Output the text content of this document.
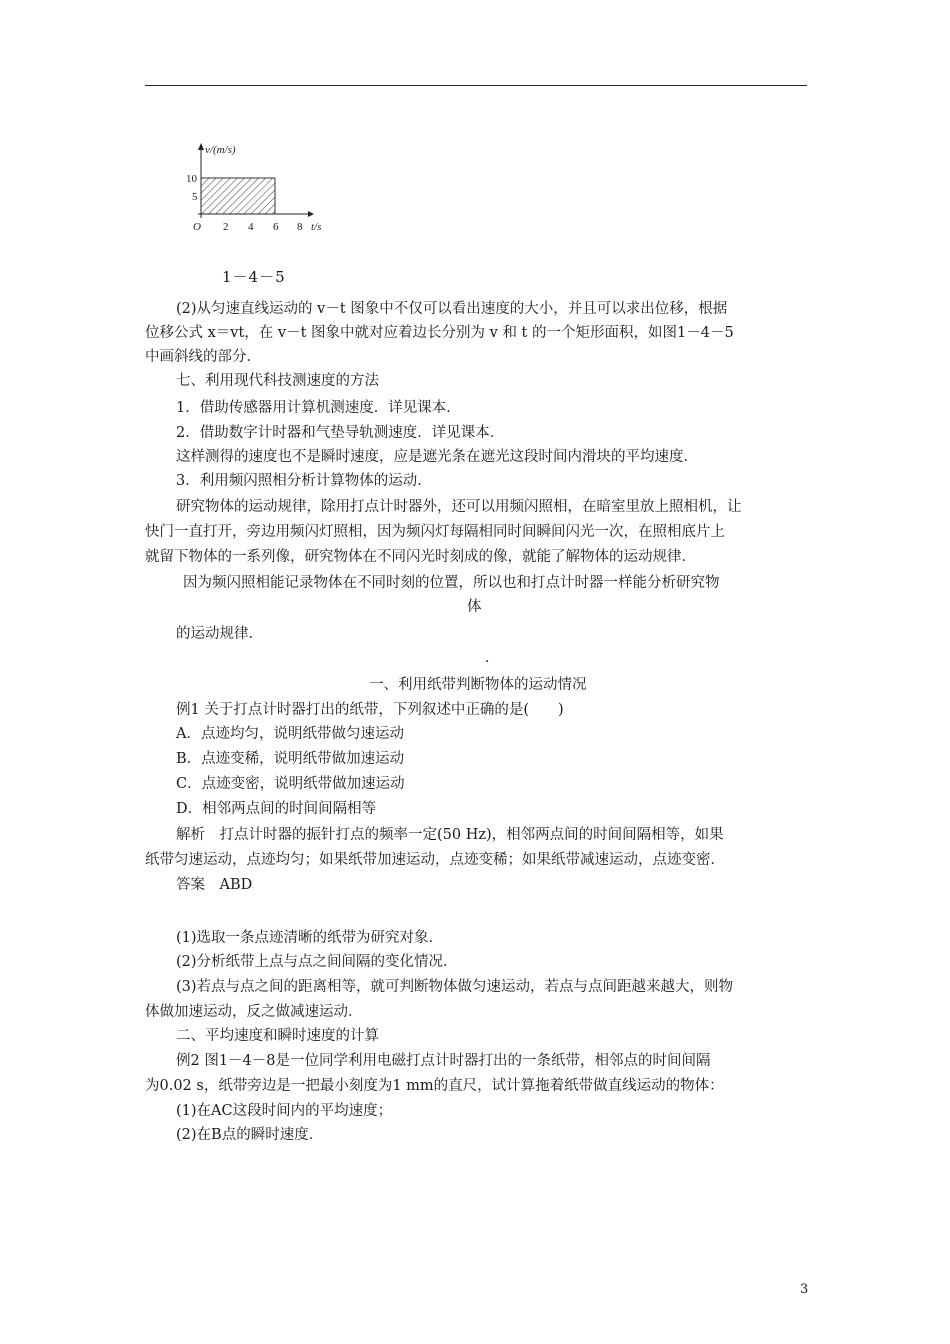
v/(m/s)
t/s
O
10
5
2 4 6 8
1－4－5
(2)从匀速直线运动的 v－t 图象中不仅可以看出速度的大小，并且可以求出位移，根据
位移公式 x＝vt，在 v－t 图象中就对应着边长分别为 v 和 t 的一个矩形面积，如图1－4－5
中画斜线的部分．
七、利用现代科技测速度的方法
1．借助传感器用计算机测速度．详见课本．
2．借助数字计时器和气垫导轨测速度．详见课本．
这样测得的速度也不是瞬时速度，应是遮光条在遮光这段时间内滑块的平均速度．
3．利用频闪照相分析计算物体的运动．
研究物体的运动规律，除用打点计时器外，还可以用频闪照相，在暗室里放上照相机，让
快门一直打开，旁边用频闪灯照相，因为频闪灯每隔相同时间瞬间闪光一次，在照相底片上
就留下物体的一系列像，研究物体在不同闪光时刻成的像，就能了解物体的运动规律．
因为频闪照相能记录物体在不同时刻的位置，所以也和打点计时器一样能分析研究物
体
的运动规律．
.
一、利用纸带判断物体的运动情况
例1 关于打点计时器打出的纸带，下列叙述中正确的是(　　)
A．点迹均匀，说明纸带做匀速运动
B．点迹变稀，说明纸带做加速运动
C．点迹变密，说明纸带做加速运动
D．相邻两点间的时间间隔相等
解析　打点计时器的振针打点的频率一定(50 Hz)，相邻两点间的时间间隔相等，如果
纸带匀速运动，点迹均匀；如果纸带加速运动，点迹变稀；如果纸带减速运动，点迹变密．
答案　ABD
(1)选取一条点迹清晰的纸带为研究对象．
(2)分析纸带上点与点之间间隔的变化情况．
(3)若点与点之间的距离相等，就可判断物体做匀速运动，若点与点间距越来越大，则物
体做加速运动，反之做减速运动．
二、平均速度和瞬时速度的计算
例2 图1－4－8是一位同学利用电磁打点计时器打出的一条纸带，相邻点的时间间隔
为0.02 s，纸带旁边是一把最小刻度为1 mm的直尺，试计算拖着纸带做直线运动的物体：
(1)在AC这段时间内的平均速度；
(2)在B点的瞬时速度．
3
